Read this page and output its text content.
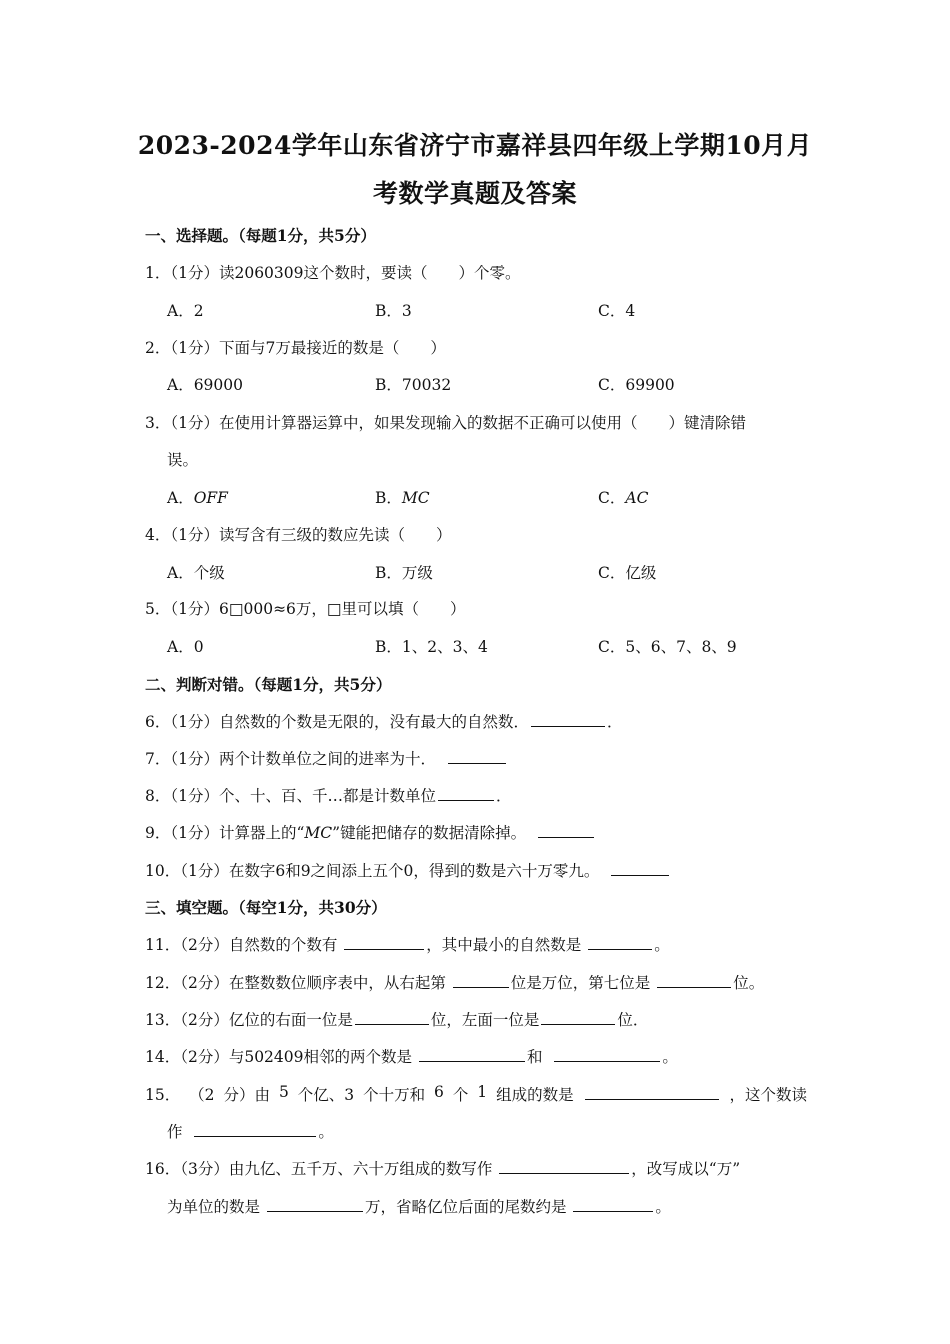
2023-2024学年山东省济宁市嘉祥县四年级上学期10月月
考数学真题及答案
一、选择题。（每题1分，共5分）
1．（1分）读2060309这个数时，要读（　　）个零。
A．2	B．3	C．4
2．（1分）下面与7万最接近的数是（　　）
A．69000	B．70032	C．69900
3．（1分）在使用计算器运算中，如果发现输入的数据不正确可以使用（　　）键清除错
误。
A．OFF	B．MC	C．AC
4．（1分）读写含有三级的数应先读（　　）
A．个级	B．万级	C．亿级
5．（1分）6□000≈6万，□里可以填（　　）
A．0	B．1、2、3、4	C．5、6、7、8、9
二、判断对错。（每题1分，共5分）
6．（1分）自然数的个数是无限的，没有最大的自然数．	．
7．（1分）两个计数单位之间的进率为十．
8．（1分）个、十、百、千…都是计数单位	．
9．（1分）计算器上的“MC”键能把储存的数据清除掉。
10．（1分）在数字6和9之间添上五个0，得到的数是六十万零九。
三、填空题。（每空1分，共30分）
11．（2分）自然数的个数有	，其中最小的自然数是	。
12．（2分）在整数数位顺序表中，从右起第	位是万位，第七位是	位。
13．（2分）亿位的右面一位是	位，左面一位是	位．
14．（2分）与502409相邻的两个数是	和	。
15． （2 分）由 5 个亿、3 个十万和 6 个 1 组成的数是	，这个数读
作	。
16．（3分）由九亿、五千万、六十万组成的数写作	，改写成以“万”
为单位的数是	万，省略亿位后面的尾数约是	。
